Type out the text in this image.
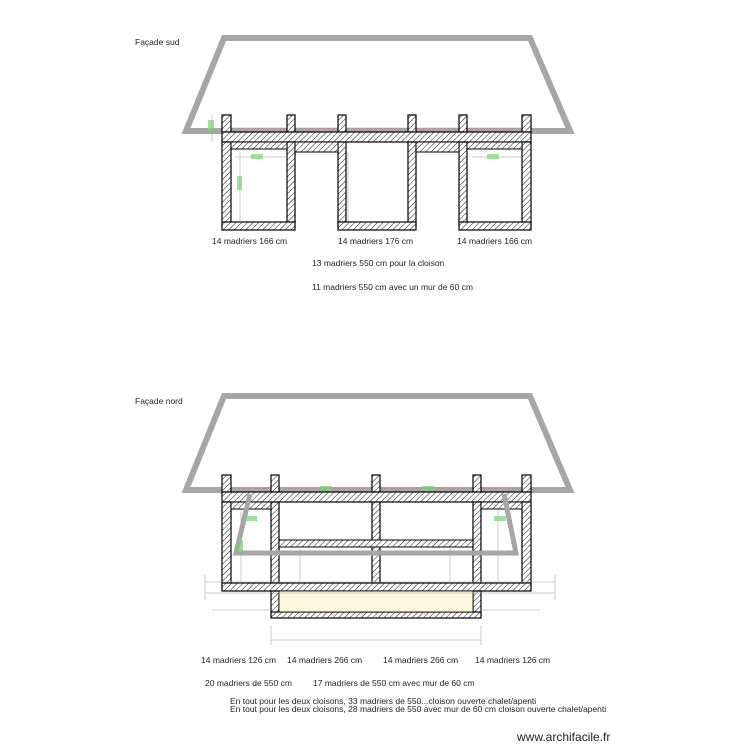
Façade sud
14 madriers 166 cm	14 madriers 176 cm	14 madriers 166 cm
13 madriers 550 cm pour la cloison
11 madriers 550 cm avec un mur de 60 cm
Façade nord
14 madriers 126 cm 14 madriers 266 cm 14 madriers 266 cm 14 madriers 126 cm
20 madriers de 550 cm 17 madriers de 550 cm avec mur de 60 cm
En tout pour les deux cloisons, 33 madriers de 550...cloison ouverte chalet/apenti
En tout pour les deux cloisons, 28 madriers de 550 avec mur de 60 cm cloison ouverte chalet/apenti
www.archifacile.fr
